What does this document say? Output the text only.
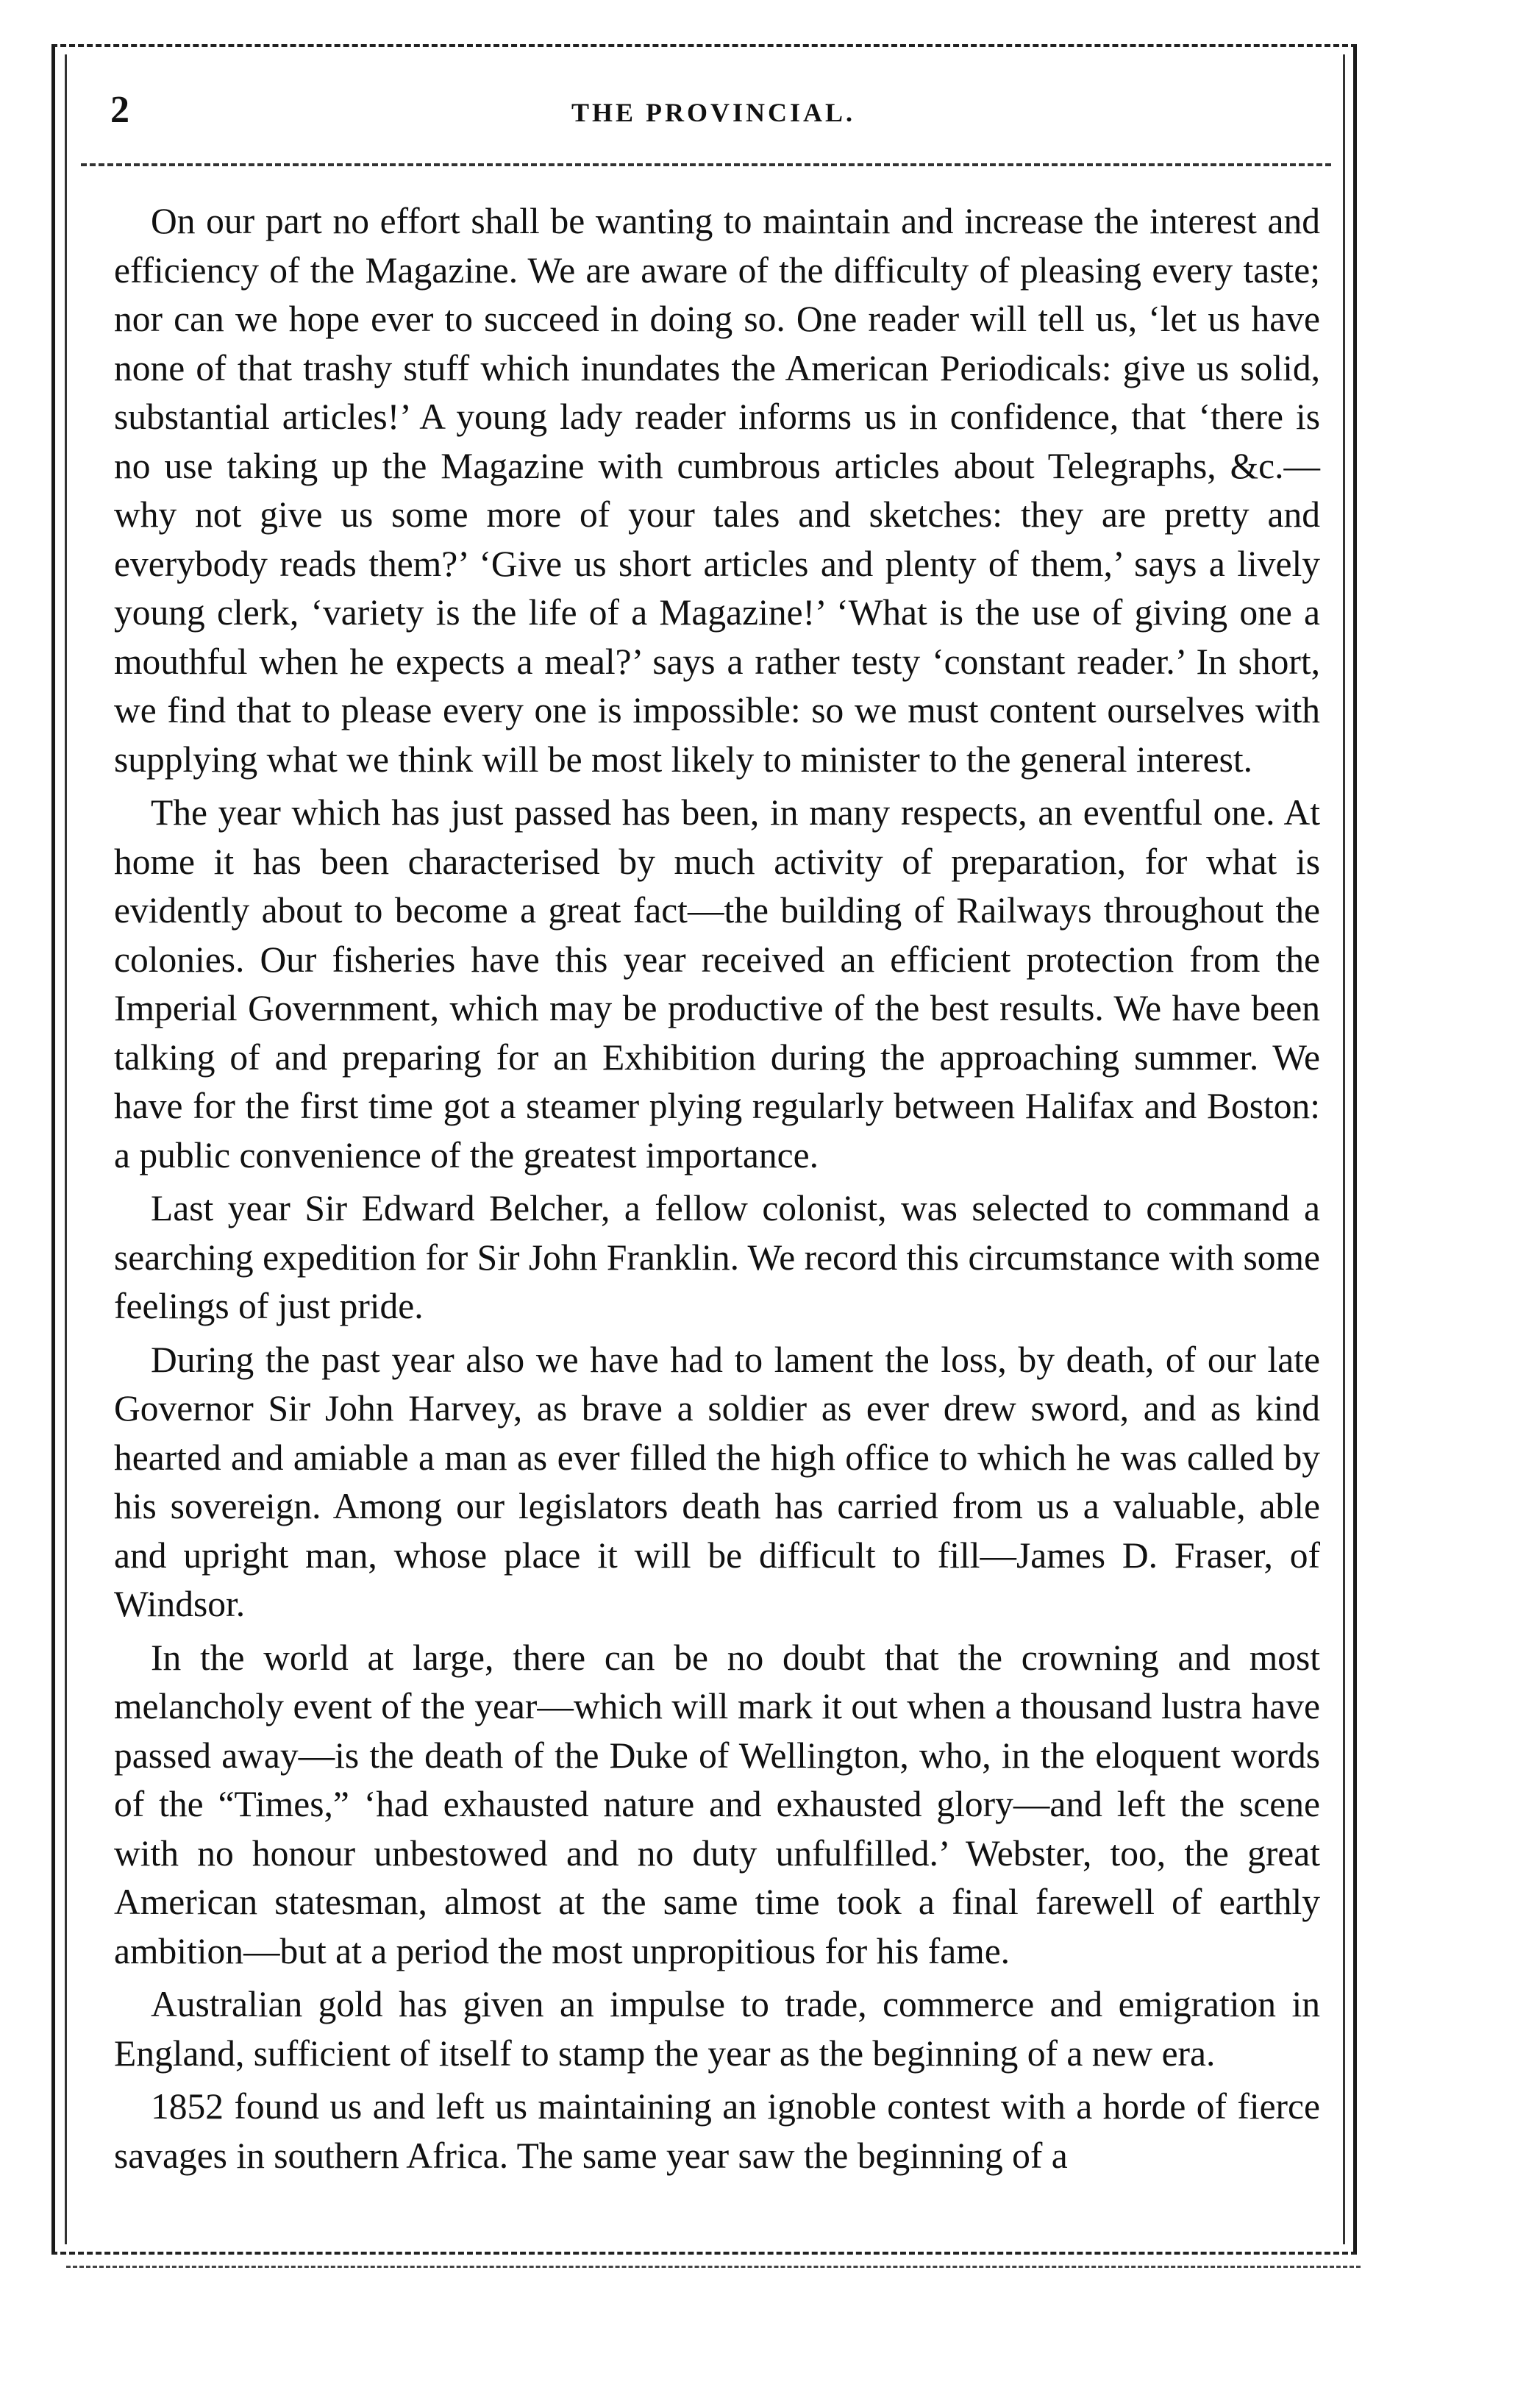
2	THE PROVINCIAL.

On our part no effort shall be wanting to maintain and increase the interest and efficiency of the Magazine. We are aware of the difficulty of pleasing every taste; nor can we hope ever to succeed in doing so. One reader will tell us, ‘let us have none of that trashy stuff which inundates the American Periodicals: give us solid, substantial articles!’ A young lady reader informs us in confidence, that ‘there is no use taking up the Magazine with cumbrous articles about Telegraphs, &c.—why not give us some more of your tales and sketches: they are pretty and everybody reads them?’ ‘Give us short articles and plenty of them,’ says a lively young clerk, ‘variety is the life of a Magazine!’ ‘What is the use of giving one a mouthful when he expects a meal?’ says a rather testy ‘constant reader.’ In short, we find that to please every one is impossible: so we must content ourselves with supplying what we think will be most likely to minister to the general interest.

The year which has just passed has been, in many respects, an eventful one. At home it has been characterised by much activity of preparation, for what is evidently about to become a great fact—the building of Railways throughout the colonies. Our fisheries have this year received an efficient protection from the Imperial Government, which may be productive of the best results. We have been talking of and preparing for an Exhibition during the approaching summer. We have for the first time got a steamer plying regularly between Halifax and Boston: a public convenience of the greatest importance.

Last year Sir Edward Belcher, a fellow colonist, was selected to command a searching expedition for Sir John Franklin. We record this circumstance with some feelings of just pride.

During the past year also we have had to lament the loss, by death, of our late Governor Sir John Harvey, as brave a soldier as ever drew sword, and as kind hearted and amiable a man as ever filled the high office to which he was called by his sovereign. Among our legislators death has carried from us a valuable, able and upright man, whose place it will be difficult to fill—James D. Fraser, of Windsor.

In the world at large, there can be no doubt that the crowning and most melancholy event of the year—which will mark it out when a thousand lustra have passed away—is the death of the Duke of Wellington, who, in the eloquent words of the “Times,” ‘had exhausted nature and exhausted glory—and left the scene with no honour unbestowed and no duty unfulfilled.’ Webster, too, the great American statesman, almost at the same time took a final farewell of earthly ambition—but at a period the most unpropitious for his fame.

Australian gold has given an impulse to trade, commerce and emigration in England, sufficient of itself to stamp the year as the beginning of a new era.

1852 found us and left us maintaining an ignoble contest with a horde of fierce savages in southern Africa. The same year saw the beginning of a
